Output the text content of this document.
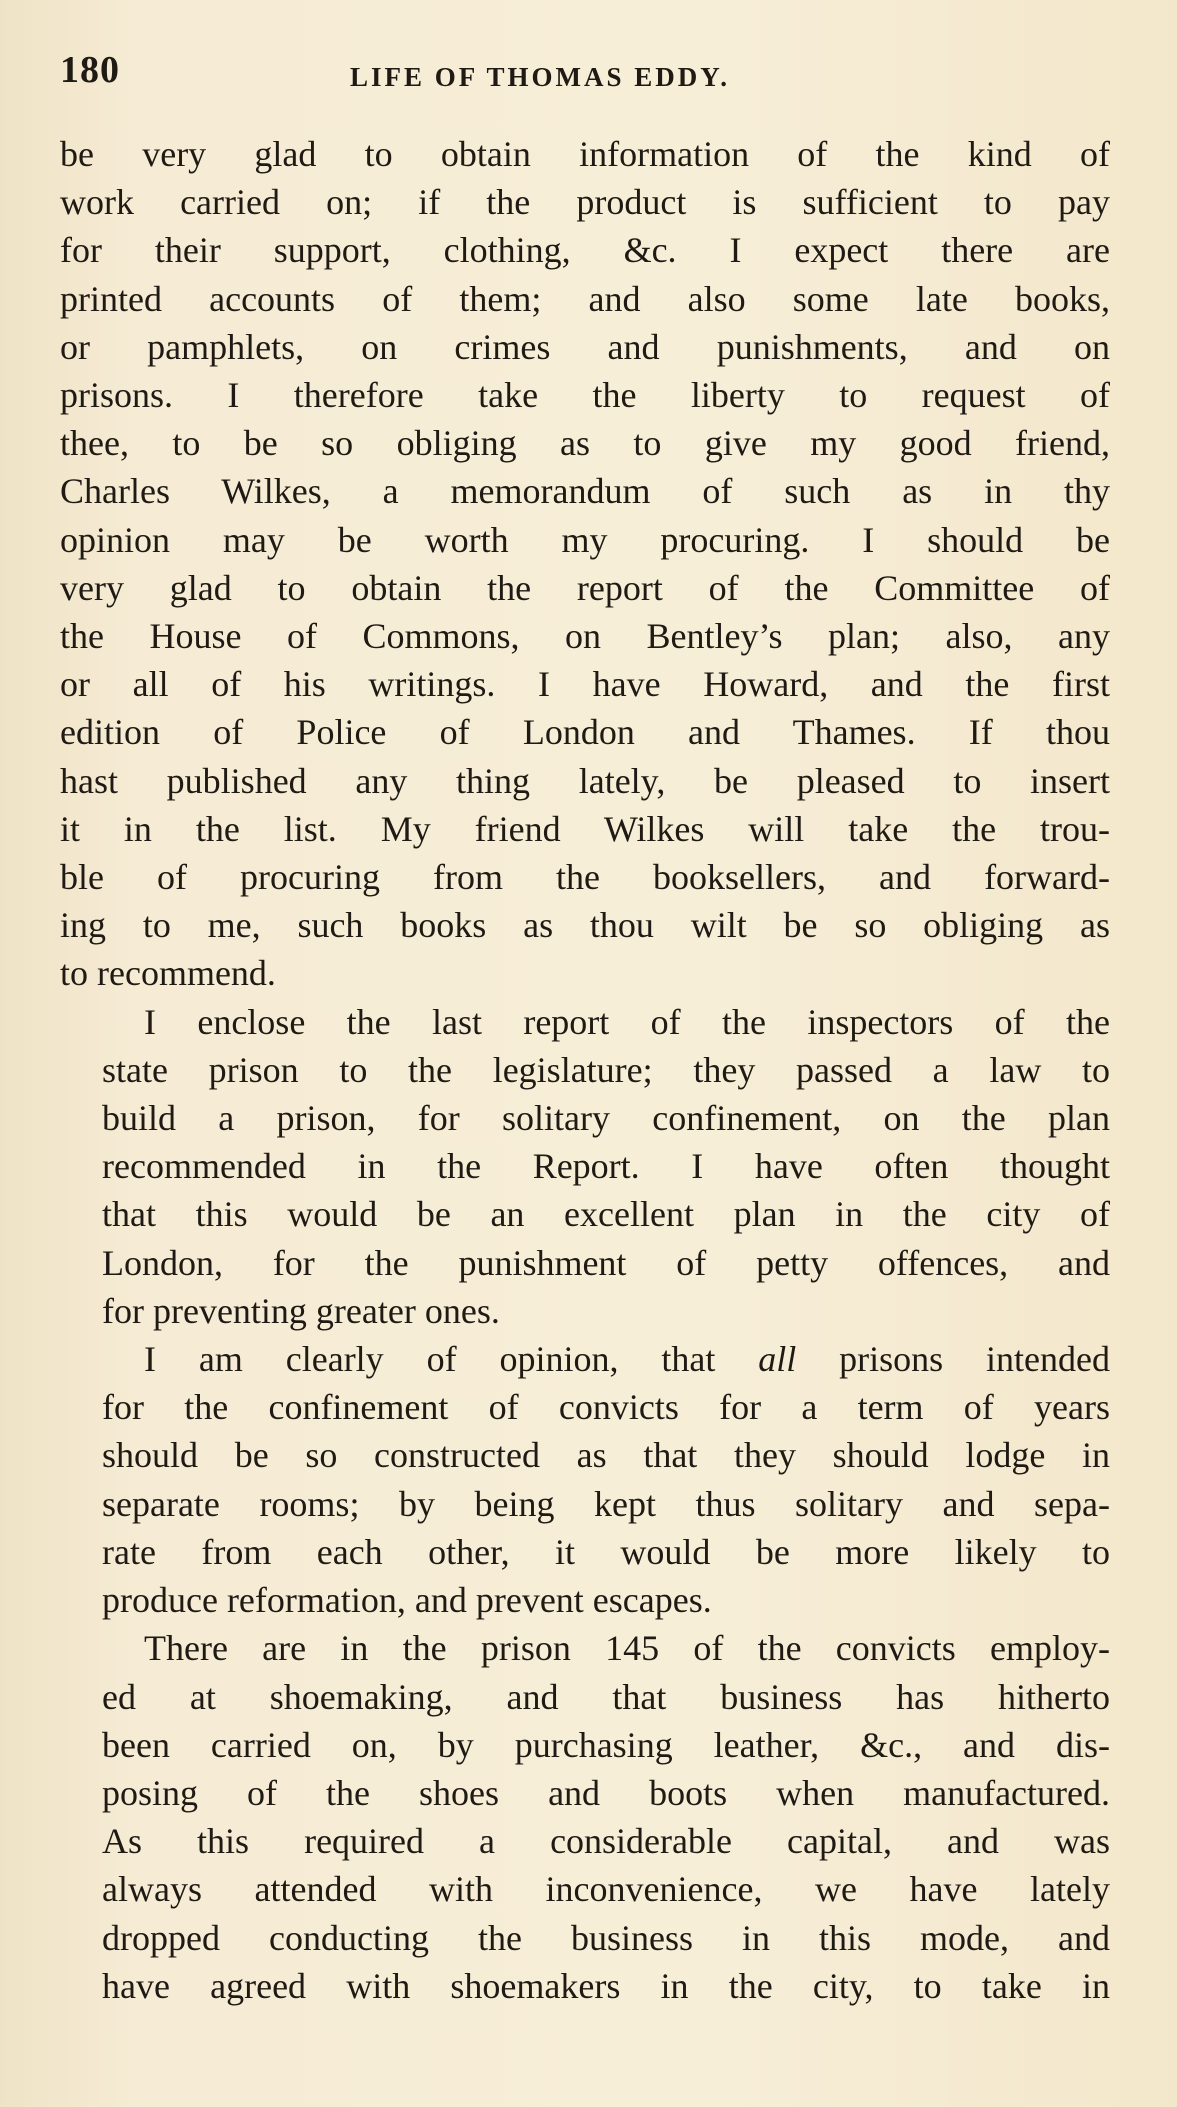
180	LIFE OF THOMAS EDDY.
be very glad to obtain information of the kind of
work carried on; if the product is sufficient to pay
for their support, clothing, &c. I expect there are
printed accounts of them; and also some late books,
or pamphlets, on crimes and punishments, and on
prisons. I therefore take the liberty to request of
thee, to be so obliging as to give my good friend,
Charles Wilkes, a memorandum of such as in thy
opinion may be worth my procuring. I should be
very glad to obtain the report of the Committee of
the House of Commons, on Bentley’s plan; also, any
or all of his writings. I have Howard, and the first
edition of Police of London and Thames. If thou
hast published any thing lately, be pleased to insert
it in the list. My friend Wilkes will take the trou-
ble of procuring from the booksellers, and forward-
ing to me, such books as thou wilt be so obliging as
to recommend.
I enclose the last report of the inspectors of the
state prison to the legislature; they passed a law to
build a prison, for solitary confinement, on the plan
recommended in the Report. I have often thought
that this would be an excellent plan in the city of
London, for the punishment of petty offences, and
for preventing greater ones.
I am clearly of opinion, that all prisons intended
for the confinement of convicts for a term of years
should be so constructed as that they should lodge in
separate rooms; by being kept thus solitary and sepa-
rate from each other, it would be more likely to
produce reformation, and prevent escapes.
There are in the prison 145 of the convicts employ-
ed at shoemaking, and that business has hitherto
been carried on, by purchasing leather, &c., and dis-
posing of the shoes and boots when manufactured.
As this required a considerable capital, and was
always attended with inconvenience, we have lately
dropped conducting the business in this mode, and
have agreed with shoemakers in the city, to take in
